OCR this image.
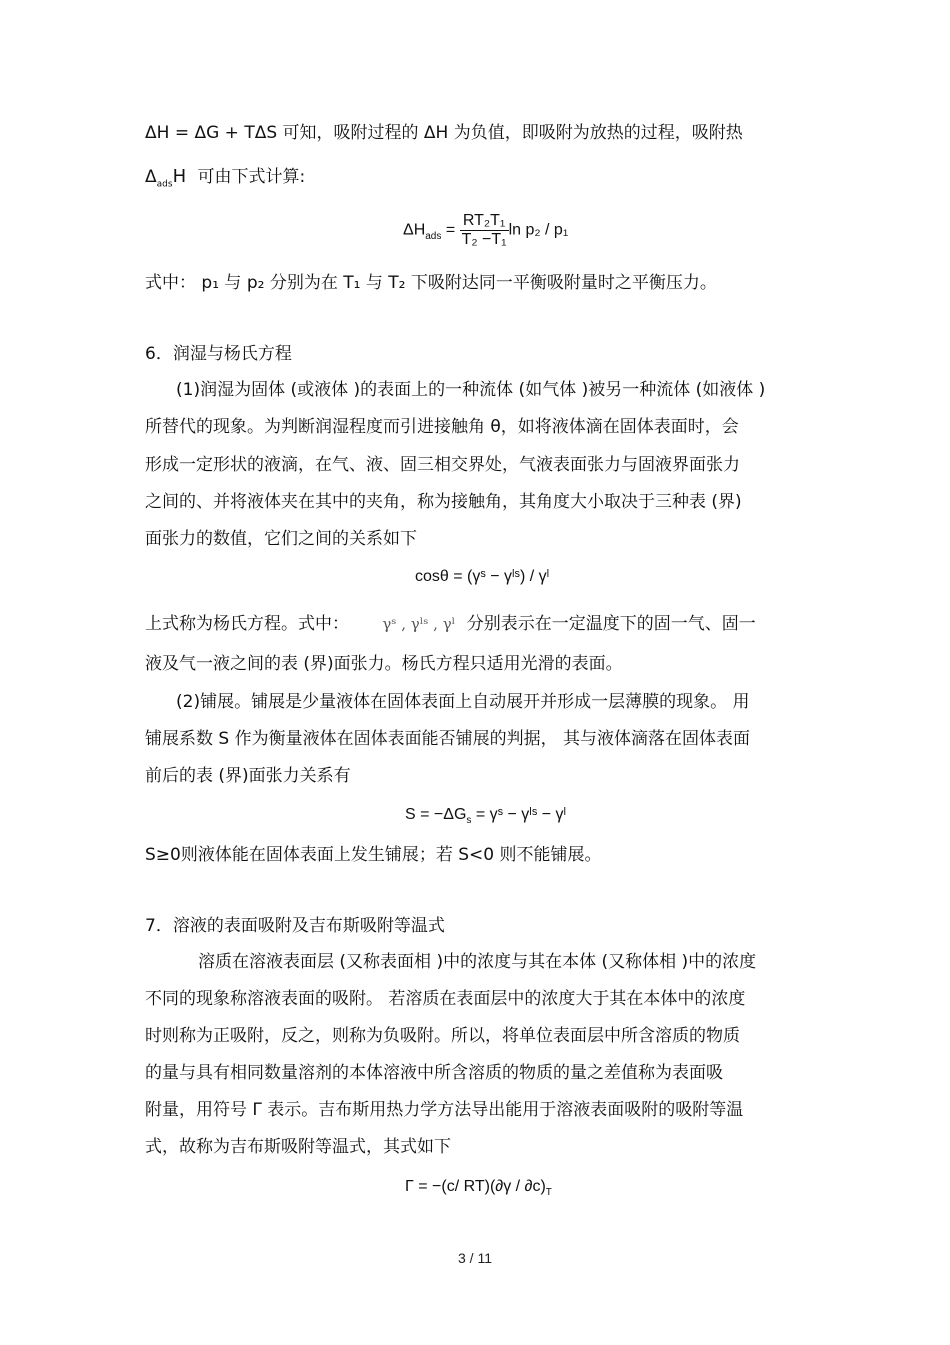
ΔH = ΔG + TΔS 可知，吸附过程的 ΔH 为负值，即吸附为放热的过程，吸附热
$\Delta_{ads}H$ 可由下式计算:
$\Delta H_{ads} = \frac{\text{RT₂T₁}}{\text{T₂ −T₁}}$ ln p₂ / p₁
式中： p₁ 与 p₂ 分别为在 T₁ 与 T₂ 下吸附达同一平衡吸附量时之平衡压力。
6．润湿与杨氏方程
(1)润湿为固体 (或液体 )的表面上的一种流体 (如气体 )被另一种流体 (如液体 )
所替代的现象。为判断润湿程度而引进接触角 θ，如将液体滴在固体表面时，会
形成一定形状的液滴，在气、液、固三相交界处，气液表面张力与固液界面张力
之间的、并将液体夹在其中的夹角，称为接触角，其角度大小取决于三种表 (界)
面张力的数值，它们之间的关系如下
cosθ = (γˢ − γˡˢ) / γˡ
上式称为杨氏方程。式中： γˢ , γˡˢ , γˡ 分别表示在一定温度下的固一气、固一
液及气一液之间的表 (界)面张力。杨氏方程只适用光滑的表面。
(2)铺展。铺展是少量液体在固体表面上自动展开并形成一层薄膜的现象。 用
铺展系数 S 作为衡量液体在固体表面能否铺展的判据， 其与液体滴落在固体表面
前后的表 (界)面张力关系有
$S = -\Delta G_s$ = γˢ − γˡˢ − γˡ
S≥0则液体能在固体表面上发生铺展；若 S<0 则不能铺展。
7．溶液的表面吸附及吉布斯吸附等温式
溶质在溶液表面层 (又称表面相 )中的浓度与其在本体 (又称体相 )中的浓度
不同的现象称溶液表面的吸附。 若溶质在表面层中的浓度大于其在本体中的浓度
时则称为正吸附，反之，则称为负吸附。所以，将单位表面层中所含溶质的物质
的量与具有相同数量溶剂的本体溶液中所含溶质的物质的量之差值称为表面吸
附量，用符号 Γ 表示。吉布斯用热力学方法导出能用于溶液表面吸附的吸附等温
式，故称为吉布斯吸附等温式，其式如下
Γ = −(c/ $RT)(\partial\gamma / \partial c)_T$
3 / 11
